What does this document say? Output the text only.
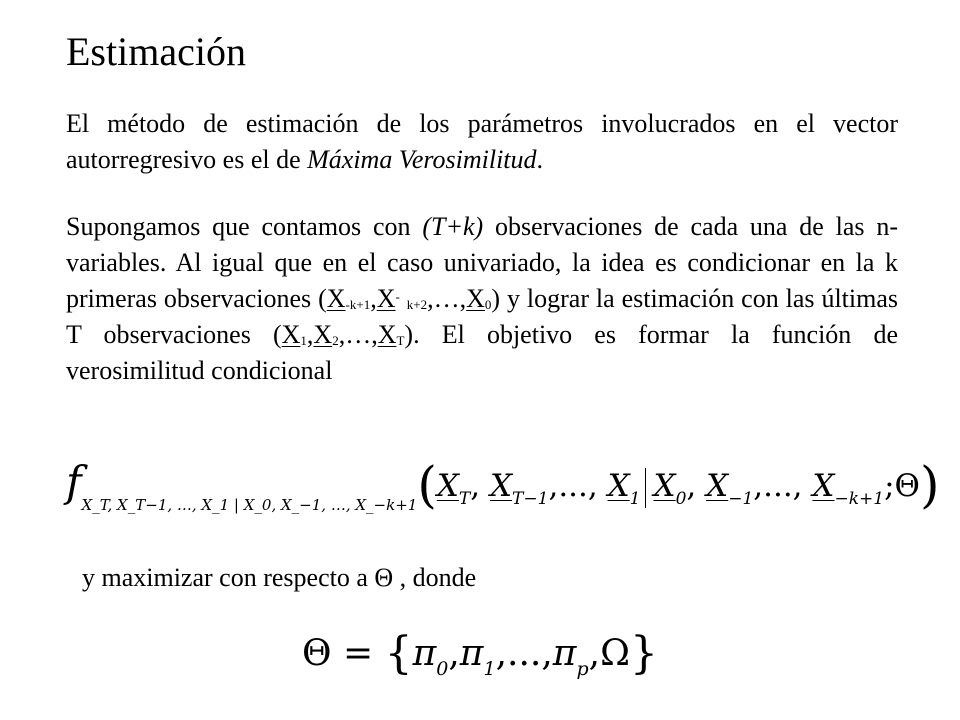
Estimación

El método de estimación de los parámetros involucrados en el vector autorregresivo es el de Máxima Verosimilitud.

Supongamos que contamos con (T+k) observaciones de cada una de las n-variables. Al igual que en el caso univariado, la idea es condicionar en la k primeras observaciones ($X_{-k+1},X^-$ $_{k+2},\dots,X_0$) y lograr la estimación con las últimas T observaciones $(X_1,X_2,\dots,X_T)$. El objetivo es formar la función de verosimilitud condicional

$f_{X\_T, X\_T-1, \dots, X\_1 | X\_0, X\_-1, \dots, X\_-k+1}(X_T$, $X_{T-1}$,..., $X_1$ $X_0$, $X_{-1}$,..., $X_{-k+1};\Theta$)
y maximizar con respecto a Θ , donde
$\Theta = \{\pi_0,\pi_1,...,\pi_p,\Omega\}$
